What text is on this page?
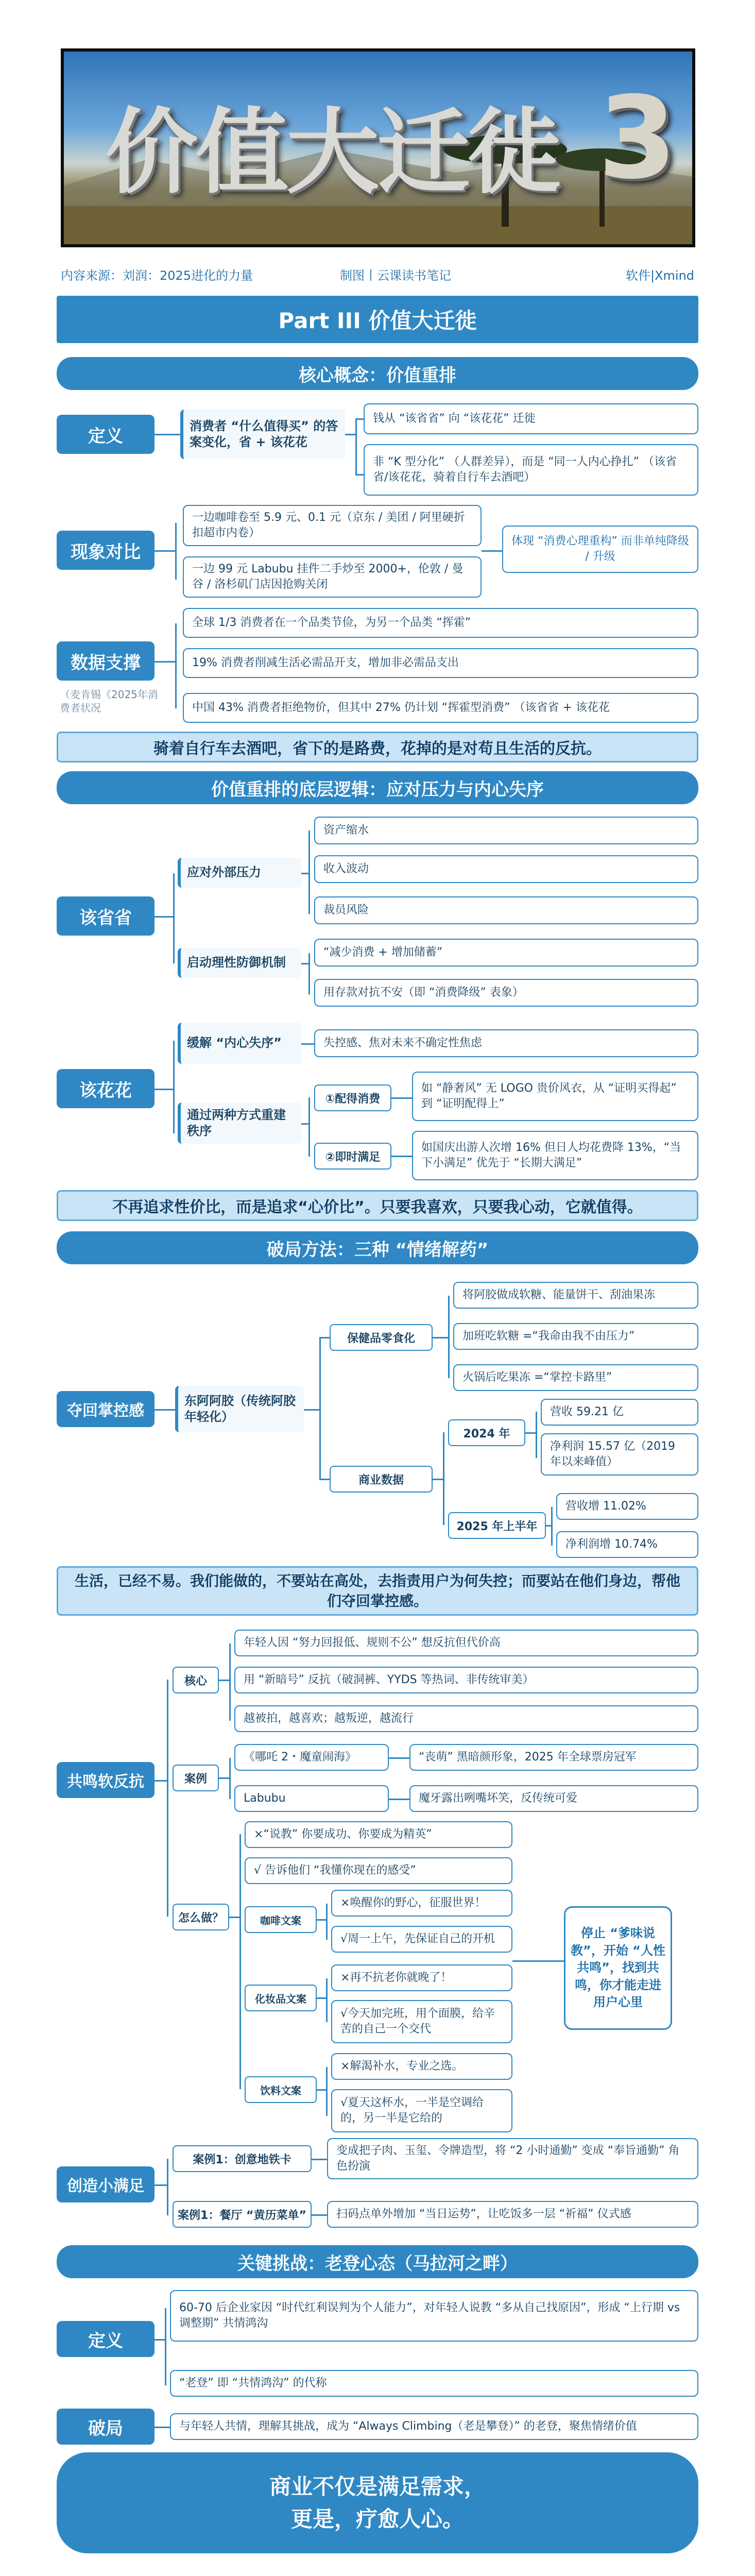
价值大迁徙 3
内容来源：刘润：2025进化的力量	制图丨云课读书笔记	软件|Xmind
Part III 价值大迁徙
核心概念：价值重排
定义	消费者 “什么值得买” 的答案变化，省 + 该花花
钱从 “该省省” 向 “该花花” 迁徙
非 “K 型分化” （人群差异），而是 “同一人内心挣扎” （该省省/该花花，骑着自行车去酒吧）
现象对比
一边咖啡卷至 5.9 元、0.1 元（京东 / 美团 / 阿里硬折扣超市内卷）
一边 99 元 Labubu 挂件二手炒至 2000+，伦敦 / 曼谷 / 洛杉矶门店因抢购关闭
体现 “消费心理重构” 而非单纯降级 / 升级
数据支撑
（麦肯锡《2025年消费者状况
全球 1/3 消费者在一个品类节俭，为另一个品类 “挥霍”
19% 消费者削减生活必需品开支，增加非必需品支出
中国 43% 消费者拒绝物价，但其中 27% 仍计划 “挥霍型消费” （该省省 + 该花花
骑着自行车去酒吧，省下的是路费，花掉的是对苟且生活的反抗。
价值重排的底层逻辑：应对压力与内心失序
该省省
应对外部压力
启动理性防御机制
资产缩水
收入波动
裁员风险
“减少消费 + 增加储蓄”
用存款对抗不安（即 “消费降级” 表象）
该花花
缓解 “内心失序”	失控感、焦对未来不确定性焦虑
通过两种方式重建秩序
①配得消费
②即时满足
如 “静奢风” 无 LOGO 贵价风衣，从 “证明买得起” 到 “证明配得上”
如国庆出游人次增 16% 但日人均花费降 13%，“当下小满足” 优先于 “长期大满足”
不再追求性价比，而是追求“心价比”。只要我喜欢，只要我心动，它就值得。
破局方法：三种 “情绪解药”
夺回掌控感
东阿阿胶（传统阿胶年轻化）
保健品零食化
将阿胶做成软糖、能量饼干、刮油果冻
加班吃软糖 =“我命由我不由压力”
火锅后吃果冻 =“掌控卡路里”
商业数据
2024 年
2025 年上半年
营收 59.21 亿
净利润 15.57 亿（2019 年以来峰值）
营收增 11.02%
净利润增 10.74%
生活，已经不易。我们能做的，不要站在高处，去指责用户为何失控；而要站在他们身边，帮他们夺回掌控感。
共鸣软反抗
核心
年轻人因 “努力回报低、规则不公” 想反抗但代价高
用 “新暗号” 反抗（破洞裤、YYDS 等热词、非传统审美）
越被拍，越喜欢；越叛逆，越流行
案例
《哪吒 2・魔童闹海》
Labubu
“丧萌” 黑暗颜形象，2025 年全球票房冠军
魔牙露出咧嘴坏笑，反传统可爱
怎么做？
×“说教” 你要成功、你要成为精英”
√ 告诉他们 “我懂你现在的感受”
咖啡文案
×唤醒你的野心，征服世界！
√周一上午，先保证自己的开机
化妆品文案
×再不抗老你就晚了！
√今天加完班，用个面膜，给辛苦的自己一个交代
饮料文案
×解渴补水，专业之选。
√夏天这杯水，一半是空调给的，另一半是它给的
停止 “爹味说教”，开始 “人性共鸣”，找到共鸣，你才能走进用户心里
创造小满足
案例1：创意地铁卡
案例1：餐厅 “黄历菜单”
变成把子肉、玉玺、令牌造型，将 “2 小时通勤” 变成 “奉旨通勤” 角色扮演
扫码点单外增加 “当日运势”，让吃饭多一层 “祈福” 仪式感
关键挑战：老登心态（马拉河之畔）
定义
60-70 后企业家因 “时代红利误判为个人能力”，对年轻人说教 “多从自己找原因”，形成 “上行期 vs 调整期” 共情鸿沟
“老登” 即 “共情鸿沟” 的代称
破局	与年轻人共情，理解其挑战，成为 “Always Climbing（老是攀登）” 的老登，聚焦情绪价值
商业不仅是满足需求，
更是，疗愈人心。
